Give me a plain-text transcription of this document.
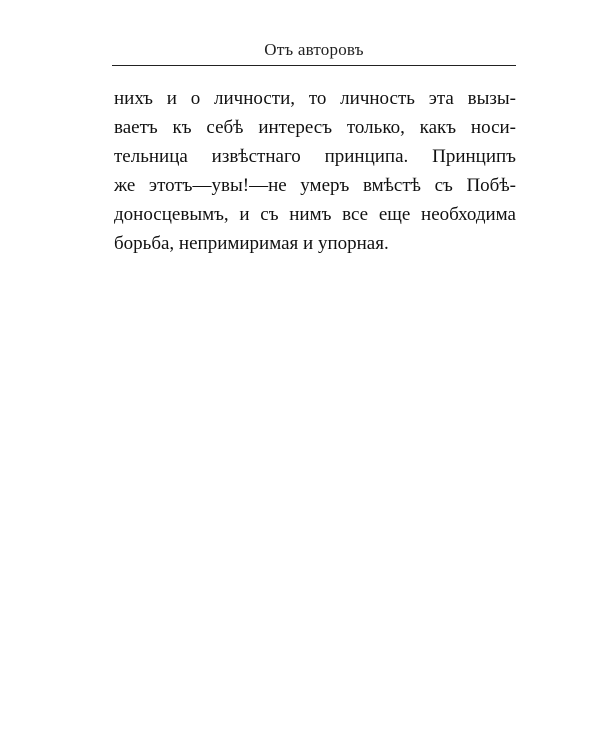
Отъ авторовъ
нихъ и о личности, то личность эта вызы-
ваетъ къ себѣ интересъ только, какъ носи-
тельница извѣстнаго принципа. Принципъ
же этотъ—увы!—не умеръ вмѣстѣ съ Побѣ-
доносцевымъ, и съ нимъ все еще необходима
борьба, непримиримая и упорная.
